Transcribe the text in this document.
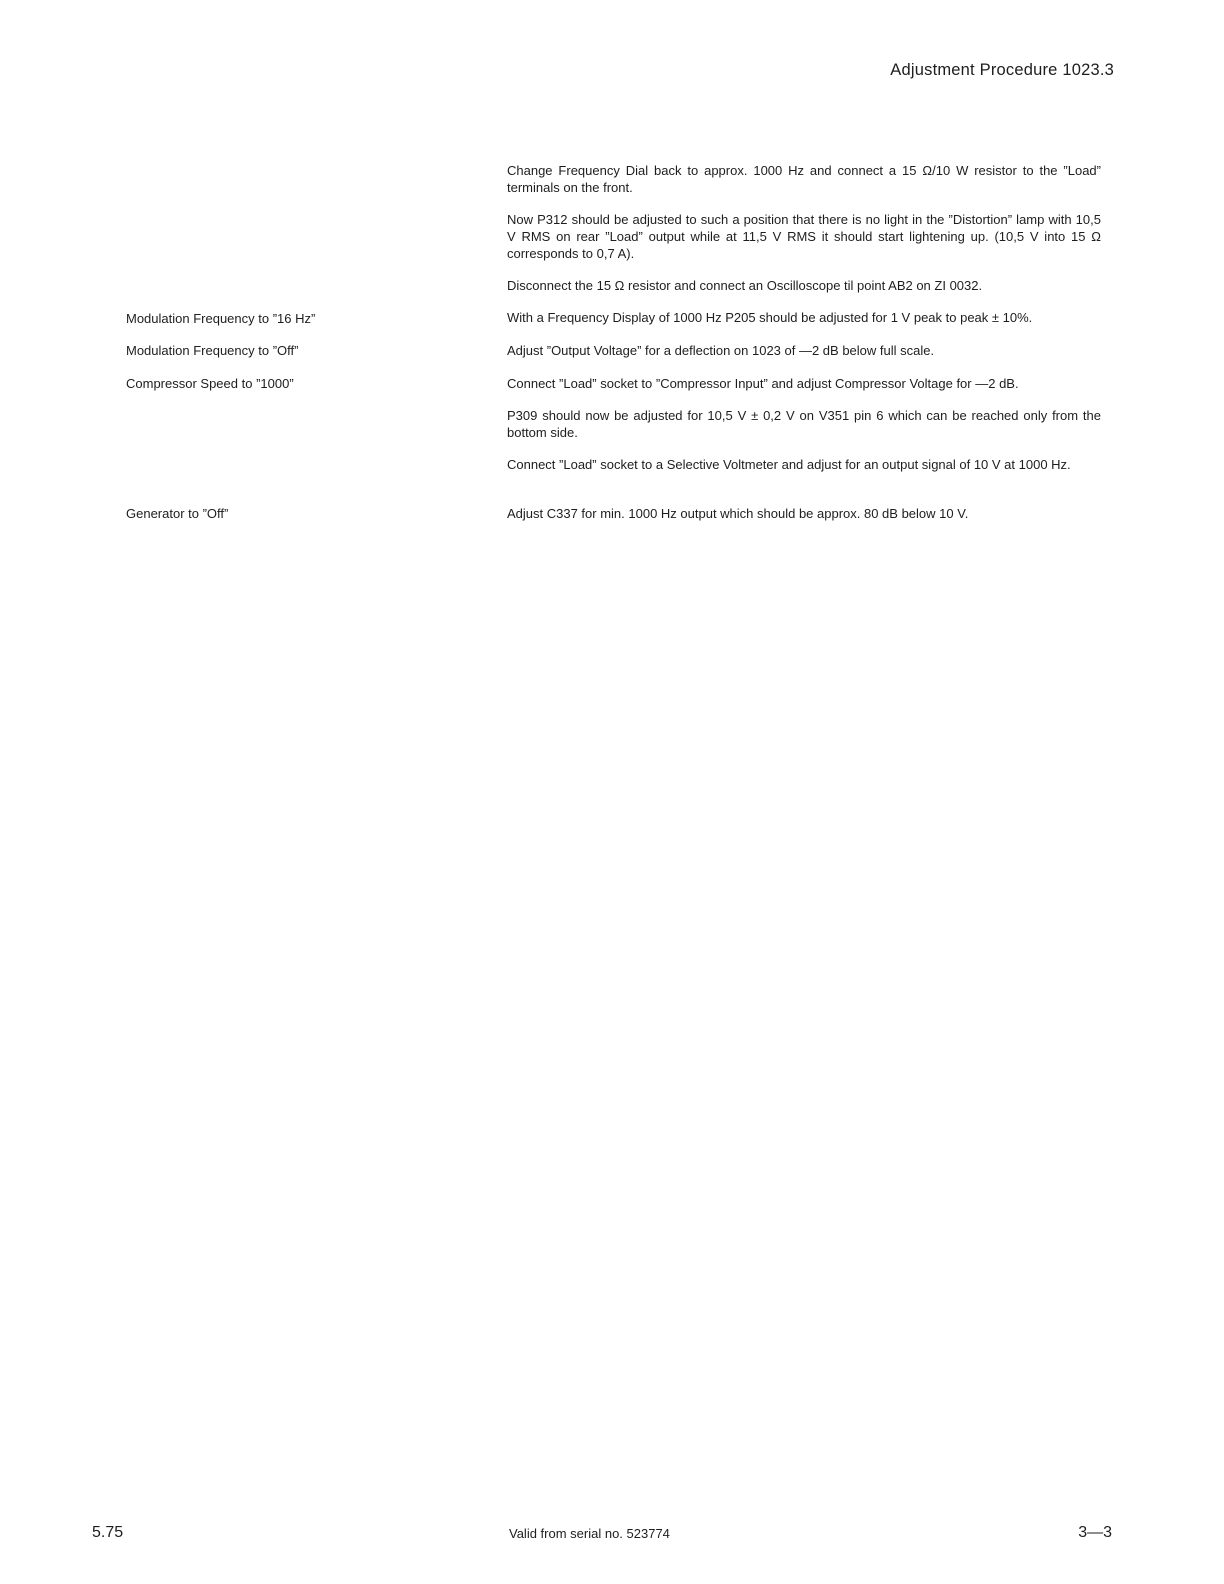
Adjustment Procedure 1023.3
Change Frequency Dial back to approx. 1000 Hz and connect a 15 Ω/10 W resistor to the ”Load” terminals on the front.
Now P312 should be adjusted to such a position that there is no light in the ”Distortion” lamp with 10,5 V RMS on rear ”Load” output while at 11,5 V RMS it should start lightening up. (10,5 V into 15 Ω corresponds to 0,7 A).
Disconnect the 15 Ω resistor and connect an Oscilloscope til point AB2 on ZI 0032.
With a Frequency Display of 1000 Hz P205 should be adjusted for 1 V peak to peak ± 10%.
Adjust ”Output Voltage” for a deflection on 1023 of —2 dB below full scale.
Connect ”Load” socket to ”Compressor Input” and adjust Compressor Voltage for —2 dB.
P309 should now be adjusted for 10,5 V ± 0,2 V on V351 pin 6 which can be reached only from the bottom side.
Connect ”Load” socket to a Selective Voltmeter and adjust for an output signal of 10 V at 1000 Hz.
Adjust C337 for min. 1000 Hz output which should be approx. 80 dB below 10 V.
Modulation Frequency to ”16 Hz”
Modulation Frequency to ”Off”
Compressor Speed to ”1000”
Generator to ”Off”
5.75	Valid from serial no. 523774	3—3
